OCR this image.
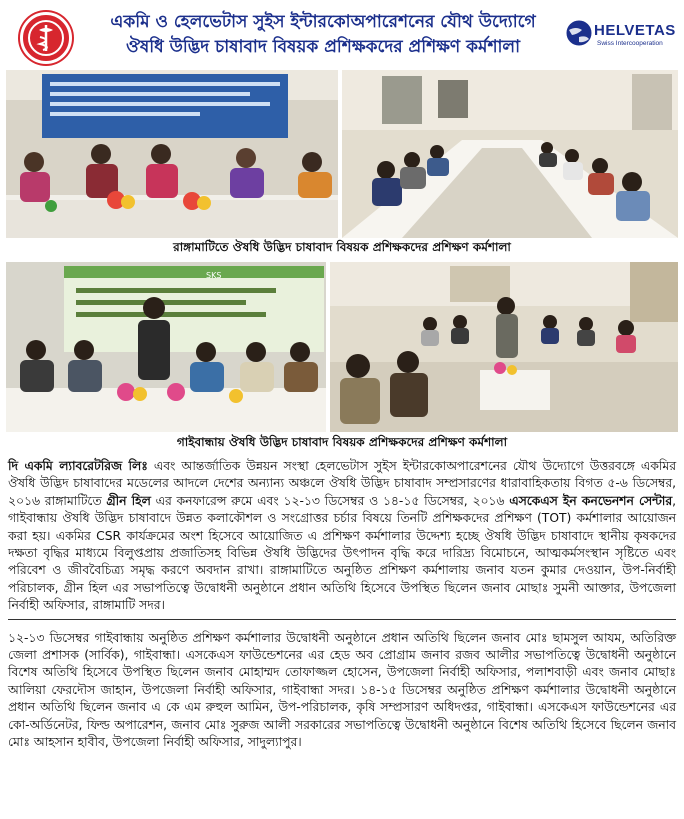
একমি ও হেলভেটাস সুইস ইন্টারকোঅপারেশনের যৌথ উদ্যোগে
ঔষধি উদ্ভিদ চাষাবাদ বিষয়ক প্রশিক্ষকদের প্রশিক্ষণ কর্মশালা
HELVETAS
Swiss Intercooperation
রাঙ্গামাটিতে ঔষধি উদ্ভিদ চাষাবাদ বিষয়ক প্রশিক্ষকদের প্রশিক্ষণ কর্মশালা
SKS
গাইবান্ধায় ঔষধি উদ্ভিদ চাষাবাদ বিষয়ক প্রশিক্ষকদের প্রশিক্ষণ কর্মশালা

দি একমি ল্যাবরেটরিজ লিঃ এবং আন্তর্জাতিক উন্নয়ন সংস্থা হেলভেটাস সুইস ইন্টারকোঅপারেশনের যৌথ উদ্যোগে উত্তরবঙ্গে একমির ঔষধি উদ্ভিদ চাষাবাদের মডেলের আদলে দেশের অন্যান্য অঞ্চলে ঔষধি উদ্ভিদ চাষাবাদ সম্প্রসারণের ধারাবাহিকতায় বিগত ৫-৬ ডিসেম্বর, ২০১৬ রাঙ্গামাটিতে গ্রীন হিল এর কনফারেন্স রুমে এবং ১২-১৩ ডিসেম্বর ও ১৪-১৫ ডিসেম্বর, ২০১৬ এসকেএস ইন কনভেনশন সেন্টার, গাইবান্ধায় ঔষধি উদ্ভিদ চাষাবাদে উন্নত কলাকৌশল ও সংগ্রোত্তর চর্চার বিষয়ে তিনটি প্রশিক্ষকদের প্রশিক্ষণ (TOT) কর্মশালার আয়োজন করা হয়। একমির CSR কার্যক্রমের অংশ হিসেবে আয়োজিত এ প্রশিক্ষণ কর্মশালার উদ্দেশ্য হচ্ছে ঔষধি উদ্ভিদ চাষাবাদে স্থানীয় কৃষকদের দক্ষতা বৃদ্ধির মাধ্যমে বিলুপ্তপ্রায় প্রজাতিসহ বিভিন্ন ঔষধি উদ্ভিদের উৎপাদন বৃদ্ধি করে দারিদ্র্য বিমোচনে, আত্মকর্মসংস্থান সৃষ্টিতে এবং পরিবেশ ও জীববৈচিত্র্য সমৃদ্ধ করণে অবদান রাখা। রাঙ্গামাটিতে অনুষ্ঠিত প্রশিক্ষণ কর্মশালায় জনাব যতন কুমার দেওয়ান, উপ-নির্বাহী পরিচালক, গ্রীন হিল এর সভাপতিত্বে উদ্বোধনী অনুষ্ঠানে প্রধান অতিথি হিসেবে উপস্থিত ছিলেন জনাব মোছাঃ সুমনী আক্তার, উপজেলা নির্বাহী অফিসার, রাঙ্গামাটি সদর।

১২-১৩ ডিসেম্বর গাইবান্ধায় অনুষ্ঠিত প্রশিক্ষণ কর্মশালার উদ্বোধনী অনুষ্ঠানে প্রধান অতিথি ছিলেন জনাব মোঃ ছামসুল আযম, অতিরিক্ত জেলা প্রশাসক (সার্বিক), গাইবান্ধা। এসকেএস ফাউন্ডেশনের এর হেড অব প্রোগ্রাম জনাব রজব আলীর সভাপতিত্বে উদ্বোধনী অনুষ্ঠানে বিশেষ অতিথি হিসেবে উপস্থিত ছিলেন জনাব মোহাম্মদ তোফাজ্জল হোসেন, উপজেলা নির্বাহী অফিসার, পলাশবাড়ী এবং জনাব মোছাঃ আলিয়া ফেরদৌস জাহান, উপজেলা নির্বাহী অফিসার, গাইবান্ধা সদর। ১৪-১৫ ডিসেম্বর অনুষ্ঠিত প্রশিক্ষণ কর্মশালার উদ্বোধনী অনুষ্ঠানে প্রধান অতিথি ছিলেন জনাব এ কে এম রুহুল আমিন, উপ-পরিচালক, কৃষি সম্প্রসারণ অধিদপ্তর, গাইবান্ধা। এসকেএস ফাউন্ডেশনের এর কো-অর্ডিনেটর, ফিল্ড অপারেশন, জনাব মোঃ সুরুজ আলী সরকারের সভাপতিত্বে উদ্বোধনী অনুষ্ঠানে বিশেষ অতিথি হিসেবে ছিলেন জনাব মোঃ আহসান হাবীব, উপজেলা নির্বাহী অফিসার, সাদুল্যাপুর।
